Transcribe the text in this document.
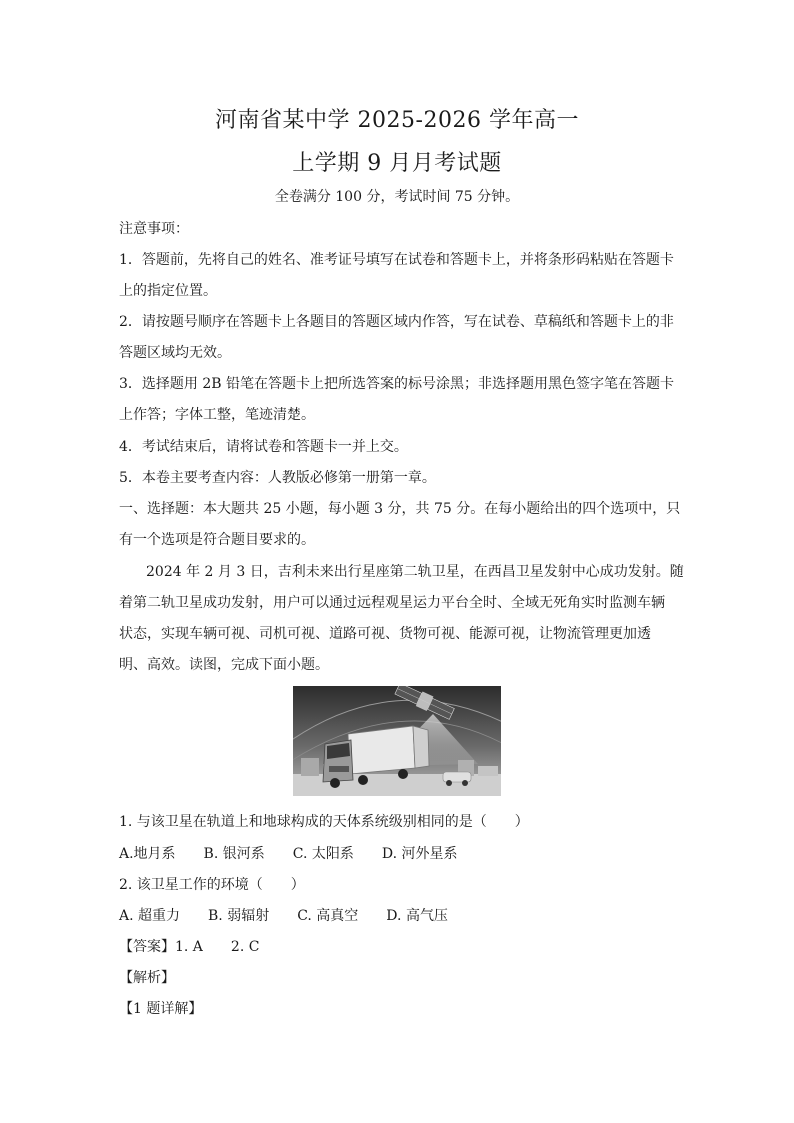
河南省某中学 2025-2026 学年高一
上学期 9 月月考试题
全卷满分 100 分，考试时间 75 分钟。
注意事项：
1．答题前，先将自己的姓名、准考证号填写在试卷和答题卡上，并将条形码粘贴在答题卡
上的指定位置。
2．请按题号顺序在答题卡上各题目的答题区域内作答，写在试卷、草稿纸和答题卡上的非
答题区域均无效。
3．选择题用 2B 铅笔在答题卡上把所选答案的标号涂黑；非选择题用黑色签字笔在答题卡
上作答；字体工整，笔迹清楚。
4．考试结束后，请将试卷和答题卡一并上交。
5．本卷主要考查内容：人教版必修第一册第一章。
一、选择题：本大题共 25 小题，每小题 3 分，共 75 分。在每小题给出的四个选项中，只
有一个选项是符合题目要求的。
2024 年 2 月 3 日，吉利未来出行星座第二轨卫星，在西昌卫星发射中心成功发射。随
着第二轨卫星成功发射，用户可以通过远程观星运力平台全时、全域无死角实时监测车辆
状态，实现车辆可视、司机可视、道路可视、货物可视、能源可视，让物流管理更加透
明、高效。读图，完成下面小题。
1. 与该卫星在轨道上和地球构成的天体系统级别相同的是（　　）
A.地月系　　B. 银河系　　C. 太阳系　　D. 河外星系
2. 该卫星工作的环境（　　）
A. 超重力　　B. 弱辐射　　C. 高真空　　D. 高气压
【答案】1. A　　2. C
【解析】
【1 题详解】
